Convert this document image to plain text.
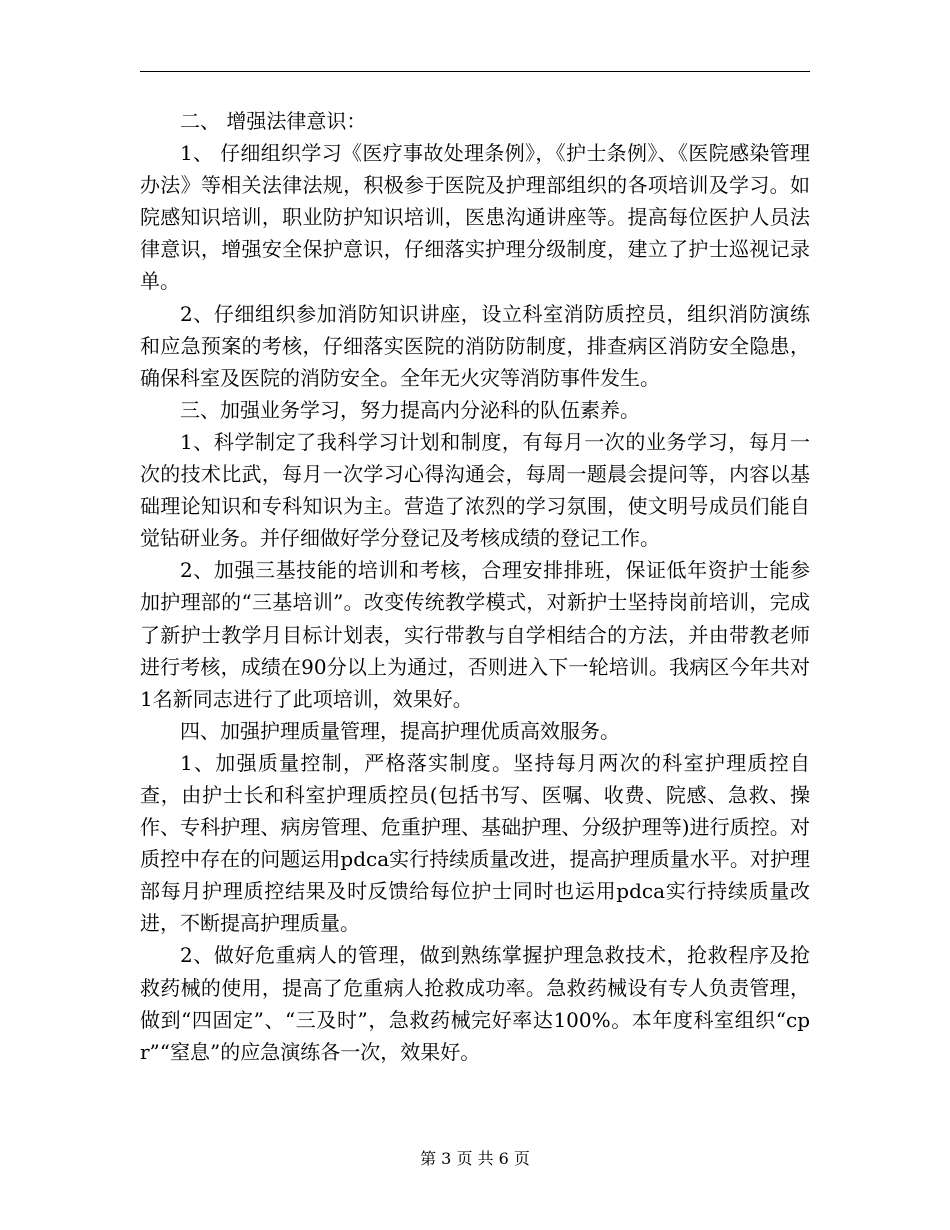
二、 增强法律意识：

1、 仔细组织学习《医疗事故处理条例》，《护士条例》、《医院感染管理办法》等相关法律法规，积极参于医院及护理部组织的各项培训及学习。如院感知识培训，职业防护知识培训，医患沟通讲座等。提高每位医护人员法律意识，增强安全保护意识，仔细落实护理分级制度，建立了护士巡视记录单。

2、仔细组织参加消防知识讲座，设立科室消防质控员，组织消防演练和应急预案的考核，仔细落实医院的消防防制度，排查病区消防安全隐患，确保科室及医院的消防安全。全年无火灾等消防事件发生。

三、加强业务学习，努力提高内分泌科的队伍素养。

1、科学制定了我科学习计划和制度，有每月一次的业务学习，每月一次的技术比武，每月一次学习心得沟通会，每周一题晨会提问等，内容以基础理论知识和专科知识为主。营造了浓烈的学习氛围，使文明号成员们能自觉钻研业务。并仔细做好学分登记及考核成绩的登记工作。

2、加强三基技能的培训和考核，合理安排排班，保证低年资护士能参加护理部的“三基培训”。改变传统教学模式，对新护士坚持岗前培训，完成了新护士教学月目标计划表，实行带教与自学相结合的方法，并由带教老师进行考核，成绩在90分以上为通过，否则进入下一轮培训。我病区今年共对1名新同志进行了此项培训，效果好。

四、加强护理质量管理，提高护理优质高效服务。

1、加强质量控制，严格落实制度。坚持每月两次的科室护理质控自查，由护士长和科室护理质控员(包括书写、医嘱、收费、院感、急救、操作、专科护理、病房管理、危重护理、基础护理、分级护理等)进行质控。对质控中存在的问题运用pdca实行持续质量改进，提高护理质量水平。对护理部每月护理质控结果及时反馈给每位护士同时也运用pdca实行持续质量改进，不断提高护理质量。

2、做好危重病人的管理，做到熟练掌握护理急救技术，抢救程序及抢救药械的使用，提高了危重病人抢救成功率。急救药械设有专人负责管理，做到“四固定”、“三及时”，急救药械完好率达100%。本年度科室组织“cpr”“窒息”的应急演练各一次，效果好。

第 3 页 共 6 页
